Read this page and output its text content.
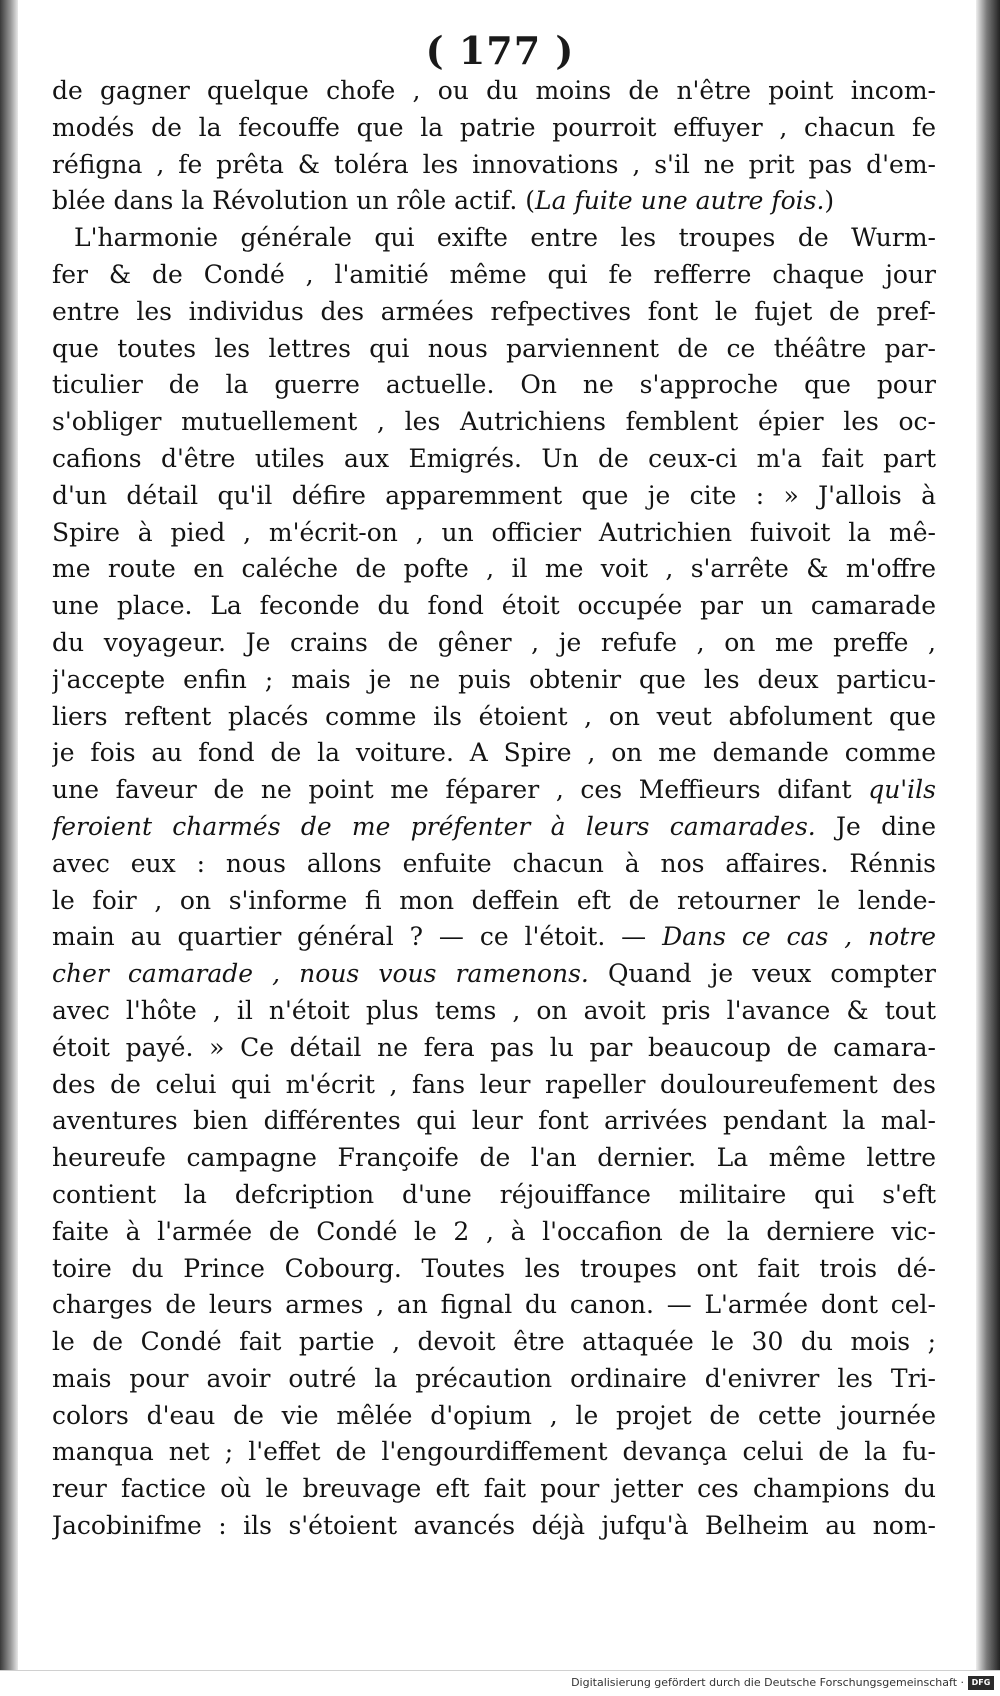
( 177 )
de gagner quelque chofe , ou du moins de n'être point incom-
modés de la fecouffe que la patrie pourroit effuyer , chacun fe
réfigna , fe prêta & toléra les innovations , s'il ne prit pas d'em-
blée dans la Révolution un rôle actif. (La fuite une autre fois.)
L'harmonie générale qui exifte entre les troupes de Wurm-
fer & de Condé , l'amitié même qui fe refferre chaque jour
entre les individus des armées refpectives font le fujet de pref-
que toutes les lettres qui nous parviennent de ce théâtre par-
ticulier de la guerre actuelle. On ne s'approche que pour
s'obliger mutuellement , les Autrichiens femblent épier les oc-
cafions d'être utiles aux Emigrés. Un de ceux-ci m'a fait part
d'un détail qu'il défire apparemment que je cite : » J'allois à
Spire à pied , m'écrit-on , un officier Autrichien fuivoit la mê-
me route en caléche de pofte , il me voit , s'arrête & m'offre
une place. La feconde du fond étoit occupée par un camarade
du voyageur. Je crains de gêner , je refufe , on me preffe ,
j'accepte enfin ; mais je ne puis obtenir que les deux particu-
liers reftent placés comme ils étoient , on veut abfolument que
je fois au fond de la voiture. A Spire , on me demande comme
une faveur de ne point me féparer , ces Meffieurs difant qu'ils
feroient charmés de me préfenter à leurs camarades. Je dine
avec eux : nous allons enfuite chacun à nos affaires. Rénnis
le foir , on s'informe fi mon deffein eft de retourner le lende-
main au quartier général ? — ce l'étoit. — Dans ce cas , notre
cher camarade , nous vous ramenons. Quand je veux compter
avec l'hôte , il n'étoit plus tems , on avoit pris l'avance & tout
étoit payé. » Ce détail ne fera pas lu par beaucoup de camara-
des de celui qui m'écrit , fans leur rapeller douloureufement des
aventures bien différentes qui leur font arrivées pendant la mal-
heureufe campagne Françoife de l'an dernier. La même lettre
contient la defcription d'une réjouiffance militaire qui s'eft
faite à l'armée de Condé le 2 , à l'occafion de la derniere vic-
toire du Prince Cobourg. Toutes les troupes ont fait trois dé-
charges de leurs armes , an fignal du canon. — L'armée dont cel-
le de Condé fait partie , devoit être attaquée le 30 du mois ;
mais pour avoir outré la précaution ordinaire d'enivrer les Tri-
colors d'eau de vie mêlée d'opium , le projet de cette journée
manqua net ; l'effet de l'engourdiffement devança celui de la fu-
reur factice où le breuvage eft fait pour jetter ces champions du
Jacobinifme : ils s'étoient avancés déjà jufqu'à Belheim au nom-
Digitalisierung gefördert durch die Deutsche Forschungsgemeinschaft · DFG
